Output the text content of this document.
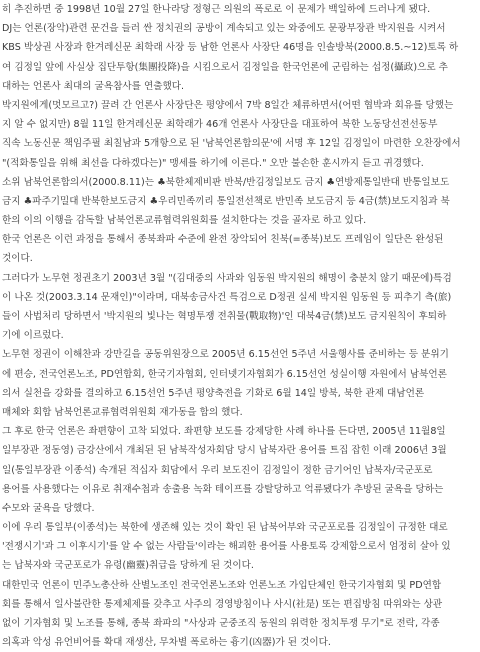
히 추진하면 중 1998년 10월 27일 한나라당 정형근 의원의 폭로로 이 문제가 백일하에 드러나게 됐다.
DJ는 언론(장악)관련 문건을 들러 싼 정치권의 공방이 계속되고 있는 와중에도 문광부장관 박지원을 시켜서
KBS 박상권 사장과 한겨레신문 최학래 사장 등 남한 언론사 사장단 46명을 인솔방북(2000.8.5.~12)토록 하
여 김정일 앞에 사실상 집단투항(集團投降)을 시킴으로서 김정일을 한국언론에 군림하는 섭정(攝政)으로 추
대하는 언론사 최대의 굴욕참사를 연출했다.
박지원에게(멋모르고?) 끌려 간 언론사 사장단은 평양에서 7박 8일간 체류하면서(어떤 협박과 회유를 당했는
지 알 수 없지만) 8월 11일 한겨레신문 최학래가 46개 언론사 사장단을 대표하여 북한 노동당선전선동부
직속 노동신문 책임주필 최칠남과 5개항으로 된 '남북언론합의문'에 서명 후 12일 김정일이 마련한 오찬장에서
"(적화통일을 위해 최선을 다하겠다는)" 맹세를 하기에 이른다." 오만 불손한 훈시까지 듣고 귀경했다.
소위 남북언론합의서(2000.8.11)는 ♣북한체제비판 반북/반김정일보도 금지 ♣연방제통일반대 반통일보도
금지 ♣파주기밀대 반북한보도금지 ♣우리민족끼리 통일전선책로 반민족 보도금지 등 4금(禁)보도지침과 북
한의 이의 이행을 감독할 남북언론교류협력위원회를 설치한다는 것을 골자로 하고 있다.
한국 언론은 이런 과정을 통해서 종북좌파 수준에 완전 장악되어 친북(=종북)보도 프레임이 일단은 완성된
것이다.
그러다가 노무현 정권초기 2003년 3월 "(김대중의 사과와 임동원 박지원의 해명이 충분치 않기 때문에)특검
이 나온 것(2003.3.14 문재인)"이라며, 대북송금사건 특검으로 D정권 실세 박지원 임동원 등 피추기 측(旅)
들이 사법처리 당하면서 '박지원의 빛나는 혁명투쟁 전취물(戰取物)'인 대북4금(禁)보도 금지원칙이 후퇴하
기에 이르렀다.
노무현 정권이 이해찬과 강만길을 공동위원장으로 2005년 6.15선언 5주년 서울행사를 준비하는 등 분위기
에 편승, 전국언론노조, PD연합회, 한국기자협회, 인터넷기자협회가 6.15선언 성실이행 자원에서 남북언론
의서 실천을 강화를 결의하고 6.15선언 5주년 평양축전을 기화로 6월 14일 방북, 북한 관제 대남언론
매체와 회합 남북언론교류협력위원회 재가동을 합의 했다.
그 후로 한국 언론은 좌편향이 고착 되었다. 좌편향 보도를 강제당한 사례 하나를 든다면, 2005년 11월8일
일부장관 정동영) 금강산에서 개최된 된 남북작성자회담 당시 납북자란 용어를 트집 잡힌 이래 2006년 3월
일(통일부장관 이종석) 속개된 적십자 회담에서 우리 보도진이 김정일이 정한 금기어인 납북자/국군포로
용어를 사용했다는 이유로 취재수첩과 송출용 녹화 테이프를 강탈당하고 억류됐다가 추방된 굴욕을 당하는
수모와 굴욕을 당했다.
이에 우리 통일부(이종석)는 북한에 생존해 있는 것이 확인 된 납북어부와 국군포로를 김정일이 규정한 대로
'전쟁시기'과 그 이후시기'를 알 수 없는 사람들'이라는 해괴한 용어를 사용토록 강제함으로서 엄정히 살아 있
는 납북자와 국군포로가 유령(幽靈)취급을 당하게 된 것이다.
대한민국 언론이 민주노총산하 산별노조인 전국언론노조와 언론노조 가입단체인 한국기자협회 및 PD연합
회를 통해서 일사불란한 통제체제를 갖추고 사주의 경영방침이나 사시(社是) 또는 편집방침 따위와는 상관
없이 기자협회 및 노조를 통해, 종북 좌파의 "사상과 군중조직 동원의 위력한 정치투쟁 무기"로 전락, 각종
의혹과 악성 유언비어를 확대 재생산, 무차별 폭로하는 흉기(凶器)가 된 것이다.
